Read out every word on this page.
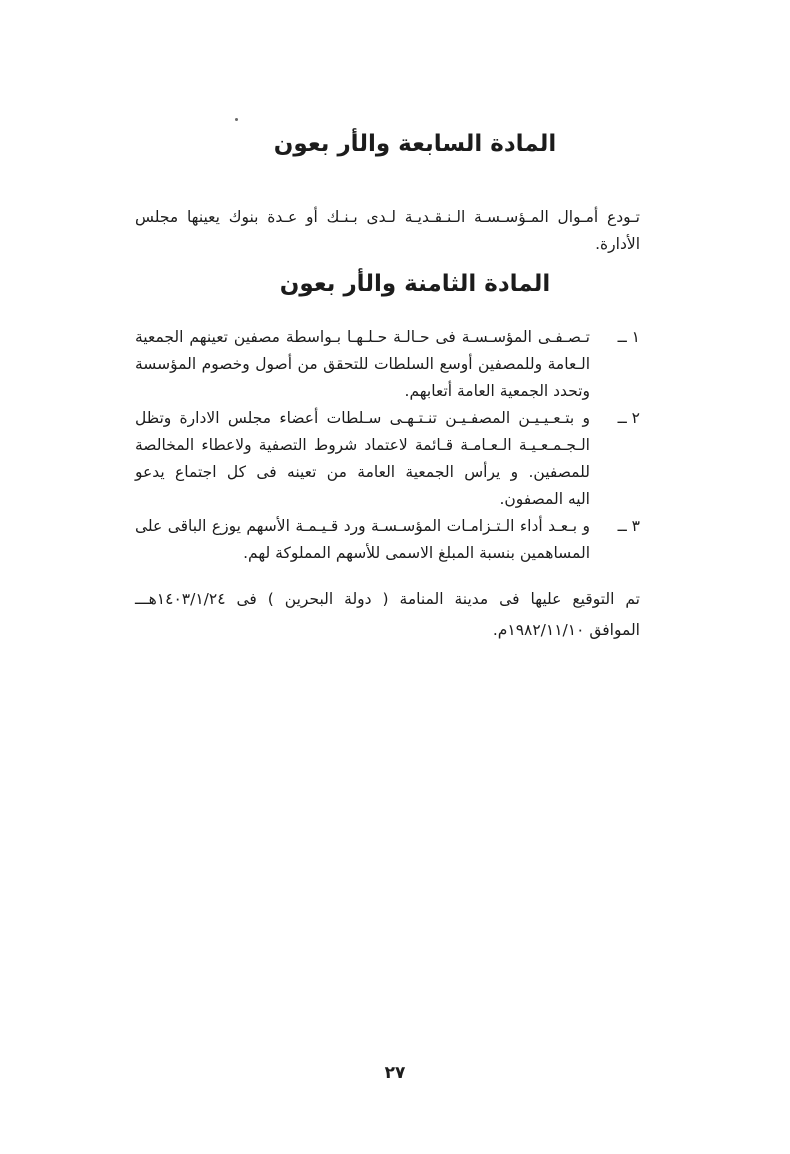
المادة السابعة والأر بعون
تـودع أمـوال المـؤسـسـة الـنـقـديـة لـدى بـنـك أو عـدة بنوك يعينها مجلس
الأدارة.
المادة الثامنة والأر بعون
١ ــ
تـصـفـى المؤسـسـة فى حـالـة حـلـهـا بـواسطة مصفين تعينهم الجمعية
الـعامة وللمصفين أوسع السلطات للتحقق من أصول وخصوم المؤسسة
وتحدد الجمعية العامة أتعابهم.
٢ ــ
و بتـعـيـيـن المصفـيـن تنـتـهـى سـلطات أعضاء مجلس الادارة وتظل
الـجـمـعـيـة الـعـامـة قـائمة لاعتماد شروط التصفية ولاعطاء المخالصة
للمصفين. و يرأس الجمعية العامة من تعينه فى كل اجتماع يدعو
اليه المصفون.
٣ ــ
و بـعـد أداء الـتـزامـات المؤسـسـة ورد قـيـمـة الأسهم يوزع الباقى على
المساهمين بنسبة المبلغ الاسمى للأسهم المملوكة لهم.
تم التوقيع عليها فى مدينة المنامة ( دولة البحرين ) فى ١٤٠٣/١/٢٤هـــ
الموافق ١٩٨٢/١١/١٠م.
٢٧
